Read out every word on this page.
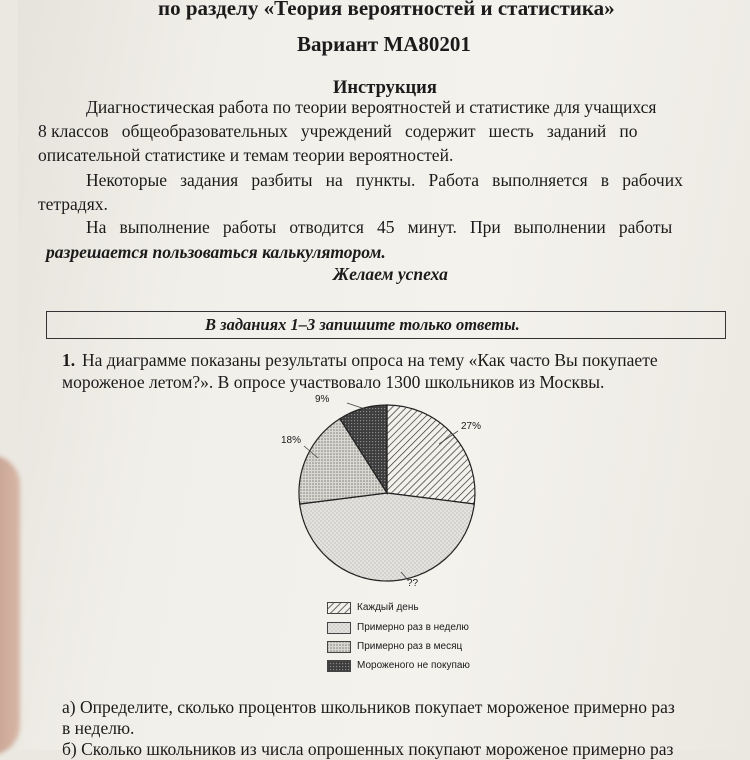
по разделу «Теория вероятностей и статистика»
Вариант МА80201
Инструкция
Диагностическая работа по теории вероятностей и статистике для учащихся
8 классов   общеобразовательных   учреждений   содержит   шесть   заданий   по
описательной статистике и темам теории вероятностей.
Некоторые   задания   разбиты   на   пункты.   Работа   выполняется   в   рабочих
тетрадях.
На   выполнение   работы   отводится   45   минут.   При   выполнении   работы
разрешается пользоваться калькулятором.
Желаем успеха
В заданиях 1–3 запишите только ответы.
1. На диаграмме показаны результаты опроса на тему «Как часто Вы покупаете
мороженое летом?». В опросе участвовало 1300 школьников из Москвы.
9%
27%
18%
??
Каждый день
Примерно раз в неделю
Примерно раз в месяц
Мороженого не покупаю
а) Определите, сколько процентов школьников покупает мороженое примерно раз
в неделю.
б) Сколько школьников из числа опрошенных покупают мороженое примерно раз
